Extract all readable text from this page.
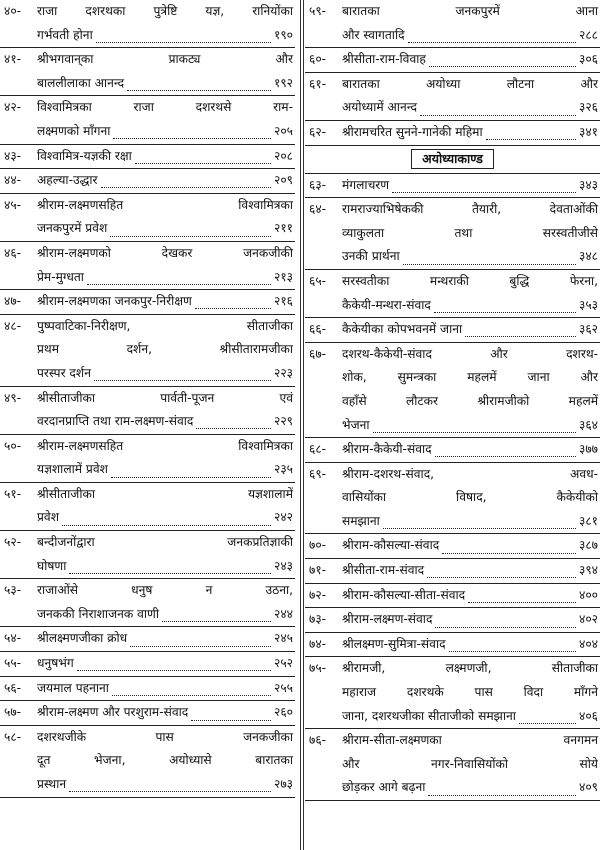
४०- राजा दशरथका पुत्रेष्टि यज्ञ, रानियोंका
गर्भवती होना	१९०
४१- श्रीभगवान्‌का प्राकट्य और
बाललीलाका आनन्द	१९२
४२- विश्वामित्रका राजा दशरथसे राम-
लक्ष्मणको माँगना	२०५
४३- विश्वामित्र-यज्ञकी रक्षा	२०८
४४- अहल्या-उद्धार	२०९
४५- श्रीराम-लक्ष्मणसहित विश्वामित्रका
जनकपुरमें प्रवेश	२११
४६- श्रीराम-लक्ष्मणको देखकर जनकजीकी
प्रेम-मुग्धता	२१३
४७- श्रीराम-लक्ष्मणका जनकपुर-निरीक्षण	२१६
४८- पुष्पवाटिका-निरीक्षण, सीताजीका
प्रथम दर्शन, श्रीसीतारामजीका
परस्पर दर्शन	२२३
४९- श्रीसीताजीका पार्वती-पूजन एवं
वरदानप्राप्ति तथा राम-लक्ष्मण-संवाद	२२९
५०- श्रीराम-लक्ष्मणसहित विश्वामित्रका
यज्ञशालामें प्रवेश	२३५
५१- श्रीसीताजीका यज्ञशालामें
प्रवेश	२४२
५२- बन्दीजनोंद्वारा जनकप्रतिज्ञाकी
घोषणा	२४३
५३- राजाओंसे धनुष न उठना,
जनककी निराशाजनक वाणी	२४४
५४- श्रीलक्ष्मणजीका क्रोध	२४५
५५- धनुषभंग	२५२
५६- जयमाल पहनाना	२५५
५७- श्रीराम-लक्ष्मण और परशुराम-संवाद	२६०
५८- दशरथजीके पास जनकजीका
दूत भेजना, अयोध्यासे बारातका
प्रस्थान	२७३
५९- बारातका जनकपुरमें आना
और स्वागतादि	२८८
६०- श्रीसीता-राम-विवाह	३०६
६१- बारातका अयोध्या लौटना और
अयोध्यामें आनन्द	३२६
६२- श्रीरामचरित सुनने-गानेकी महिमा	३४१
अयोध्याकाण्ड
६३- मंगलाचरण	३४३
६४- रामराज्याभिषेककी तैयारी, देवताओंकी
व्याकुलता तथा सरस्वतीजीसे
उनकी प्रार्थना	३४८
६५- सरस्वतीका मन्थराकी बुद्धि फेरना,
कैकेयी-मन्थरा-संवाद	३५३
६६- कैकेयीका कोपभवनमें जाना	३६२
६७- दशरथ-कैकेयी-संवाद और दशरथ-
शोक, सुमन्त्रका महलमें जाना और
वहाँसे लौटकर श्रीरामजीको महलमें
भेजना	३६४
६८- श्रीराम-कैकेयी-संवाद	३७७
६९- श्रीराम-दशरथ-संवाद, अवध-
वासियोंका विषाद, कैकेयीको
समझाना	३८१
७०- श्रीराम-कौसल्या-संवाद	३८७
७१- श्रीसीता-राम-संवाद	३९४
७२- श्रीराम-कौसल्या-सीता-संवाद	४००
७३- श्रीराम-लक्ष्मण-संवाद	४०२
७४- श्रीलक्ष्मण-सुमित्रा-संवाद	४०४
७५- श्रीरामजी, लक्ष्मणजी, सीताजीका
महाराज दशरथके पास विदा माँगने
जाना, दशरथजीका सीताजीको समझाना	४०६
७६- श्रीराम-सीता-लक्ष्मणका वनगमन
और नगर-निवासियोंको सोये
छोड़कर आगे बढ़ना	४०९
